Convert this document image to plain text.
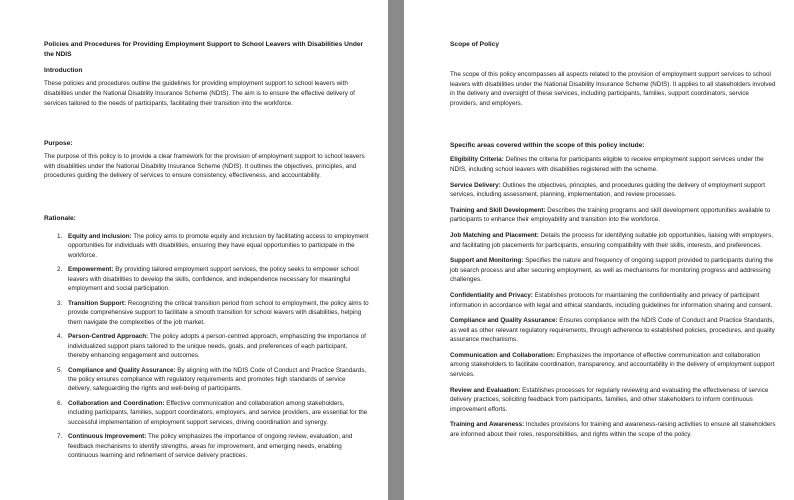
Policies and Procedures for Providing Employment Support to School Leavers with Disabilities Under the NDIS
Introduction

These policies and procedures outline the guidelines for providing employment support to school leavers with disabilities under the National Disability Insurance Scheme (NDIS). The aim is to ensure the effective delivery of services tailored to the needs of participants, facilitating their transition into the workforce.

Purpose:

The purpose of this policy is to provide a clear framework for the provision of employment support to school leavers with disabilities under the National Disability Insurance Scheme (NDIS). It outlines the objectives, principles, and procedures guiding the delivery of services to ensure consistency, effectiveness, and accountability.

Rationale:
1. Equity and Inclusion: The policy aims to promote equity and inclusion by facilitating access to employment opportunities for individuals with disabilities, ensuring they have equal opportunities to participate in the workforce.
2. Empowerment: By providing tailored employment support services, the policy seeks to empower school leavers with disabilities to develop the skills, confidence, and independence necessary for meaningful employment and social participation.
3. Transition Support: Recognizing the critical transition period from school to employment, the policy aims to provide comprehensive support to facilitate a smooth transition for school leavers with disabilities, helping them navigate the complexities of the job market.
4. Person-Centred Approach: The policy adopts a person-centred approach, emphasizing the importance of individualized support plans tailored to the unique needs, goals, and preferences of each participant, thereby enhancing engagement and outcomes.
5. Compliance and Quality Assurance: By aligning with the NDIS Code of Conduct and Practice Standards, the policy ensures compliance with regulatory requirements and promotes high standards of service delivery, safeguarding the rights and well-being of participants.
6. Collaboration and Coordination: Effective communication and collaboration among stakeholders, including participants, families, support coordinators, employers, and service providers, are essential for the successful implementation of employment support services, driving coordination and synergy.
7. Continuous Improvement: The policy emphasizes the importance of ongoing review, evaluation, and feedback mechanisms to identify strengths, areas for improvement, and emerging needs, enabling continuous learning and refinement of service delivery practices.
Scope of Policy

The scope of this policy encompasses all aspects related to the provision of employment support services to school leavers with disabilities under the National Disability Insurance Scheme (NDIS). It applies to all stakeholders involved in the delivery and oversight of these services, including participants, families, support coordinators, service providers, and employers.

Specific areas covered within the scope of this policy include:

Eligibility Criteria: Defines the criteria for participants eligible to receive employment support services under the NDIS, including school leavers with disabilities registered with the scheme.

Service Delivery: Outlines the objectives, principles, and procedures guiding the delivery of employment support services, including assessment, planning, implementation, and review processes.

Training and Skill Development: Describes the training programs and skill development opportunities available to participants to enhance their employability and transition into the workforce.

Job Matching and Placement: Details the process for identifying suitable job opportunities, liaising with employers, and facilitating job placements for participants, ensuring compatibility with their skills, interests, and preferences.

Support and Monitoring: Specifies the nature and frequency of ongoing support provided to participants during the job search process and after securing employment, as well as mechanisms for monitoring progress and addressing challenges.

Confidentiality and Privacy: Establishes protocols for maintaining the confidentiality and privacy of participant information in accordance with legal and ethical standards, including guidelines for information sharing and consent.

Compliance and Quality Assurance: Ensures compliance with the NDIS Code of Conduct and Practice Standards, as well as other relevant regulatory requirements, through adherence to established policies, procedures, and quality assurance mechanisms.

Communication and Collaboration: Emphasizes the importance of effective communication and collaboration among stakeholders to facilitate coordination, transparency, and accountability in the delivery of employment support services.

Review and Evaluation: Establishes processes for regularly reviewing and evaluating the effectiveness of service delivery practices, soliciting feedback from participants, families, and other stakeholders to inform continuous improvement efforts.

Training and Awareness: Includes provisions for training and awareness-raising activities to ensure all stakeholders are informed about their roles, responsibilities, and rights within the scope of the policy.
